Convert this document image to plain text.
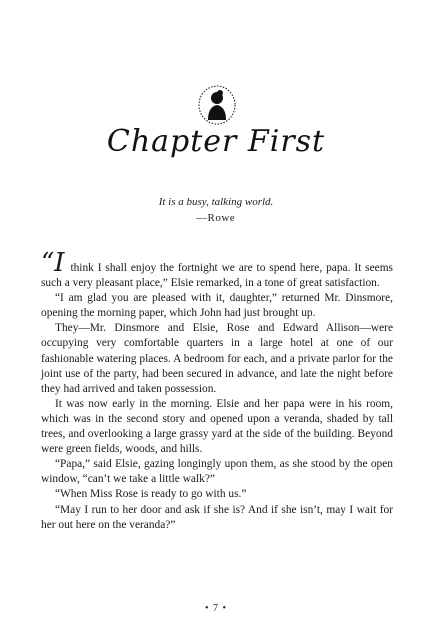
Chapter First
It is a busy, talking world.
—Rowe

“I think I shall enjoy the fortnight we are to spend here, papa. It seems such a very pleasant place,” Elsie remarked, in a tone of great satisfaction.

“I am glad you are pleased with it, daughter,” returned Mr. Dinsmore, opening the morning paper, which John had just brought up.

They—Mr. Dinsmore and Elsie, Rose and Edward Allison—were occupying very comfortable quarters in a large hotel at one of our fashionable watering places. A bedroom for each, and a private parlor for the joint use of the party, had been secured in advance, and late the night before they had arrived and taken possession.

It was now early in the morning. Elsie and her papa were in his room, which was in the second story and opened upon a veranda, shaded by tall trees, and overlooking a large grassy yard at the side of the building. Beyond were green fields, woods, and hills.

“Papa,” said Elsie, gazing longingly upon them, as she stood by the open window, “can’t we take a little walk?”

“When Miss Rose is ready to go with us.”

“May I run to her door and ask if she is? And if she isn’t, may I wait for her out here on the veranda?”

• 7 •
